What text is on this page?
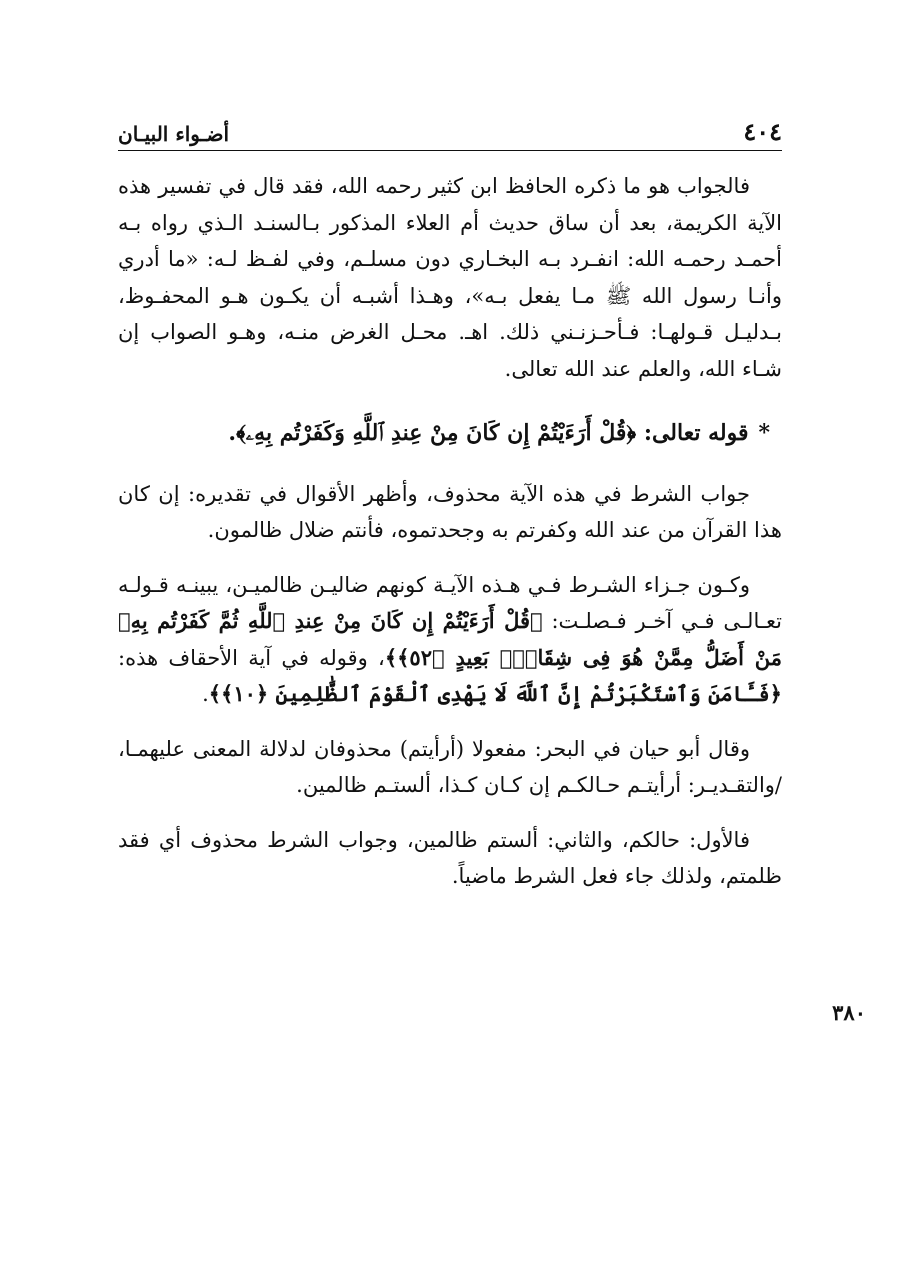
٤٠٤
أضـواء البيـان

فالجواب هو ما ذكره الحافظ ابن كثير رحمه الله، فقد قال في تفسير هذه الآية الكريمة، بعد أن ساق حديث أم العلاء المذكور بـالسنـد الـذي رواه بـه أحمـد رحمـه الله: انفـرد بـه البخـاري دون مسلـم، وفي لفـظ لـه: «ما أدري وأنـا رسول الله ﷺ مـا يفعل بـه»، وهـذا أشبـه أن يكـون هـو المحفـوظ، بـدليـل قـولهـا: فـأحـزنـني ذلك. اهـ. محـل الغرض منـه، وهـو الصواب إن شـاء الله، والعلم عند الله تعالى.

*قوله تعالى: ﴿قُلْ أَرَءَيْتُمْ إِن كَانَ مِنْ عِندِ ٱللَّهِ وَكَفَرْتُم بِهِۦ﴾.

جواب الشرط في هذه الآية محذوف، وأظهر الأقوال في تقديره: إن كان هذا القرآن من عند الله وكفرتم به وجحدتموه، فأنتم ضلال ظالمون.

وكـون جـزاء الشـرط فـي هـذه الآيـة كونهم ضاليـن ظالميـن، يبينـه قـولـه تعـالـى فـي آخـر فـصلـت: ﴿قُلْ أَرَءَيْتُمْ إِن كَانَ مِنْ عِندِ ٱللَّهِ ثُمَّ كَفَرْتُم بِهِۦ مَنْ أَضَلُّ مِمَّنْ هُوَ فِى شِقَاقٍۭ بَعِيدٍ ﴿٥٢﴾﴾، وقوله في آية الأحقاف هذه: ﴿فَـَٔامَنَ وَٱسْتَكْبَرْتُمْ إِنَّ ٱللَّهَ لَا يَهْدِى ٱلْقَوْمَ ٱلظَّٰلِمِينَ ﴿١٠﴾﴾.

وقال أبو حيان في البحر: مفعولا (أرأيتم) محذوفان لدلالة المعنى عليهمـا، /والتقـديـر: أرأيتـم حـالكـم إن كـان كـذا، ألستـم ظالمين.

فالأول: حالكم، والثاني: ألستم ظالمين، وجواب الشرط محذوف أي فقد ظلمتم، ولذلك جاء فعل الشرط ماضياً.

٣٨٠
